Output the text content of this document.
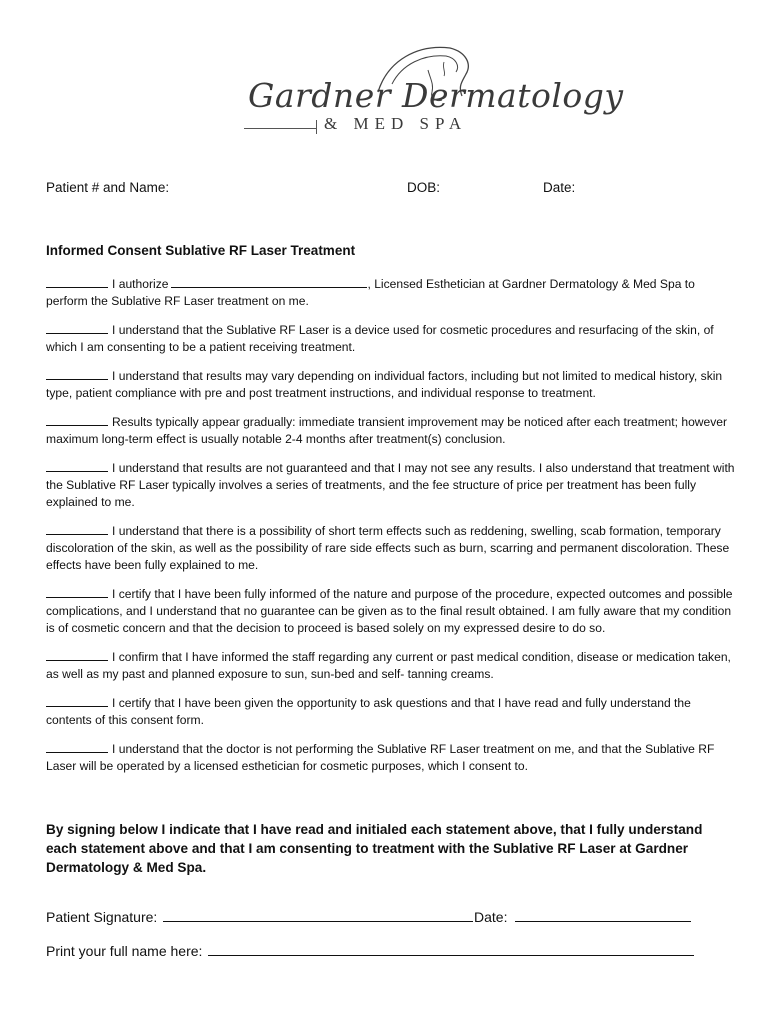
Gardner Dermatology
& MED SPA
Patient # and Name:	DOB:	Date:
Informed Consent Sublative RF Laser Treatment

I authorize	, Licensed Esthetician at Gardner Dermatology & Med Spa to perform the Sublative RF Laser treatment on me.

I understand that the Sublative RF Laser is a device used for cosmetic procedures and resurfacing of the skin, of which I am consenting to be a patient receiving treatment.

I understand that results may vary depending on individual factors, including but not limited to medical history, skin type, patient compliance with pre and post treatment instructions, and individual response to treatment.

Results typically appear gradually: immediate transient improvement may be noticed after each treatment; however maximum long-term effect is usually notable 2-4 months after treatment(s) conclusion.

I understand that results are not guaranteed and that I may not see any results. I also understand that treatment with the Sublative RF Laser typically involves a series of treatments, and the fee structure of price per treatment has been fully explained to me.

I understand that there is a possibility of short term effects such as reddening, swelling, scab formation, temporary discoloration of the skin, as well as the possibility of rare side effects such as burn, scarring and permanent discoloration. These effects have been fully explained to me.

I certify that I have been fully informed of the nature and purpose of the procedure, expected outcomes and possible complications, and I understand that no guarantee can be given as to the final result obtained. I am fully aware that my condition is of cosmetic concern and that the decision to proceed is based solely on my expressed desire to do so.

I confirm that I have informed the staff regarding any current or past medical condition, disease or medication taken, as well as my past and planned exposure to sun, sun-bed and self- tanning creams.

I certify that I have been given the opportunity to ask questions and that I have read and fully understand the contents of this consent form.

I understand that the doctor is not performing the Sublative RF Laser treatment on me, and that the Sublative RF Laser will be operated by a licensed esthetician for cosmetic purposes, which I consent to.

By signing below I indicate that I have read and initialed each statement above, that I fully understand each statement above and that I am consenting to treatment with the Sublative RF Laser at Gardner Dermatology & Med Spa.
Patient Signature:	Date:
Print your full name here:
